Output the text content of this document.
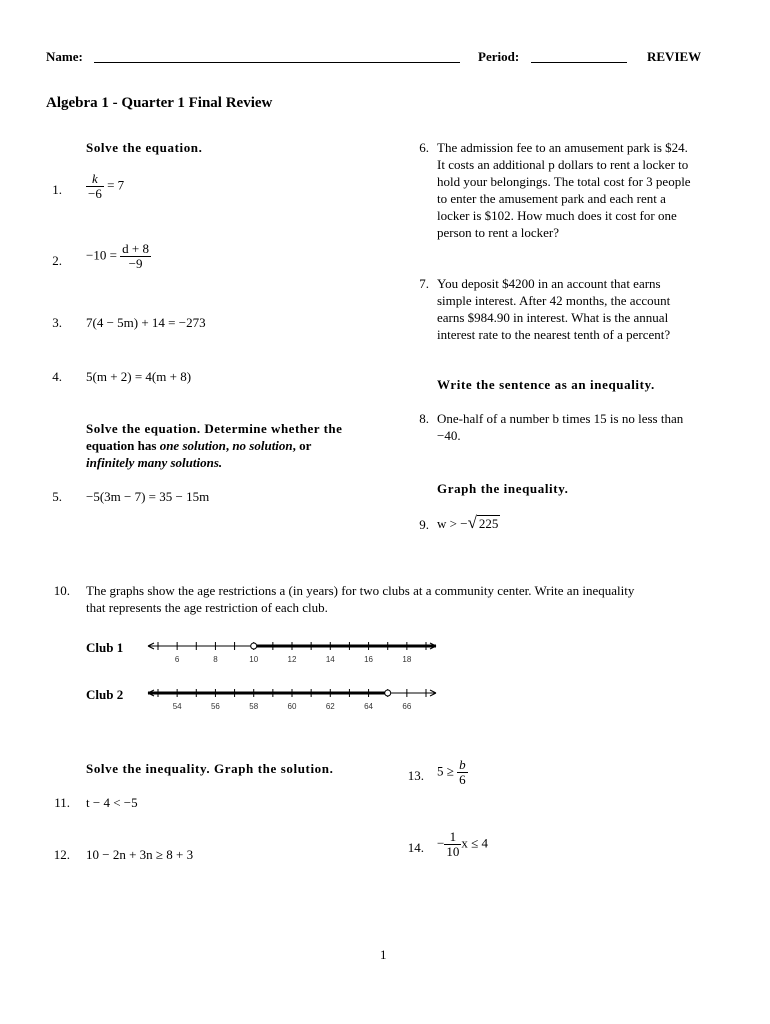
Name:	Period:	REVIEW
Algebra 1 - Quarter 1 Final Review
Solve the equation.
1. $\frac{k}{-6} = 7$
2. $-10 = \frac{d + 8}{-9}$
3. 7(4 − 5m) + 14 = −273
4. 5(m + 2) = 4(m + 8)
Solve the equation. Determine whether the
equation has one solution, no solution, or
infinitely many solutions.
5. −5(3m − 7) = 35 − 15m
6. The admission fee to an amusement park is $24.
It costs an additional p dollars to rent a locker to
hold your belongings. The total cost for 3 people
to enter the amusement park and each rent a
locker is $102. How much does it cost for one
person to rent a locker?
7. You deposit $4200 in an account that earns
simple interest. After 42 months, the account
earns $984.90 in interest. What is the annual
interest rate to the nearest tenth of a percent?
Write the sentence as an inequality.
8. One-half of a number b times 15 is no less than
−40.
Graph the inequality.
9. w > −√ 225
10. The graphs show the age restrictions a (in years) for two clubs at a community center. Write an inequality
that represents the age restriction of each club.
Club 1
6	8	10	12	14	16	18
Club 2
54	56	58	60	62	64	66
Solve the inequality. Graph the solution.
11. t − 4 < −5
12. 10 − 2n + 3n ≥ 8 + 3
13. $5 \ge \frac{b}{6}$
14. − $\frac{1}{10}$ x ≤ 4
1
